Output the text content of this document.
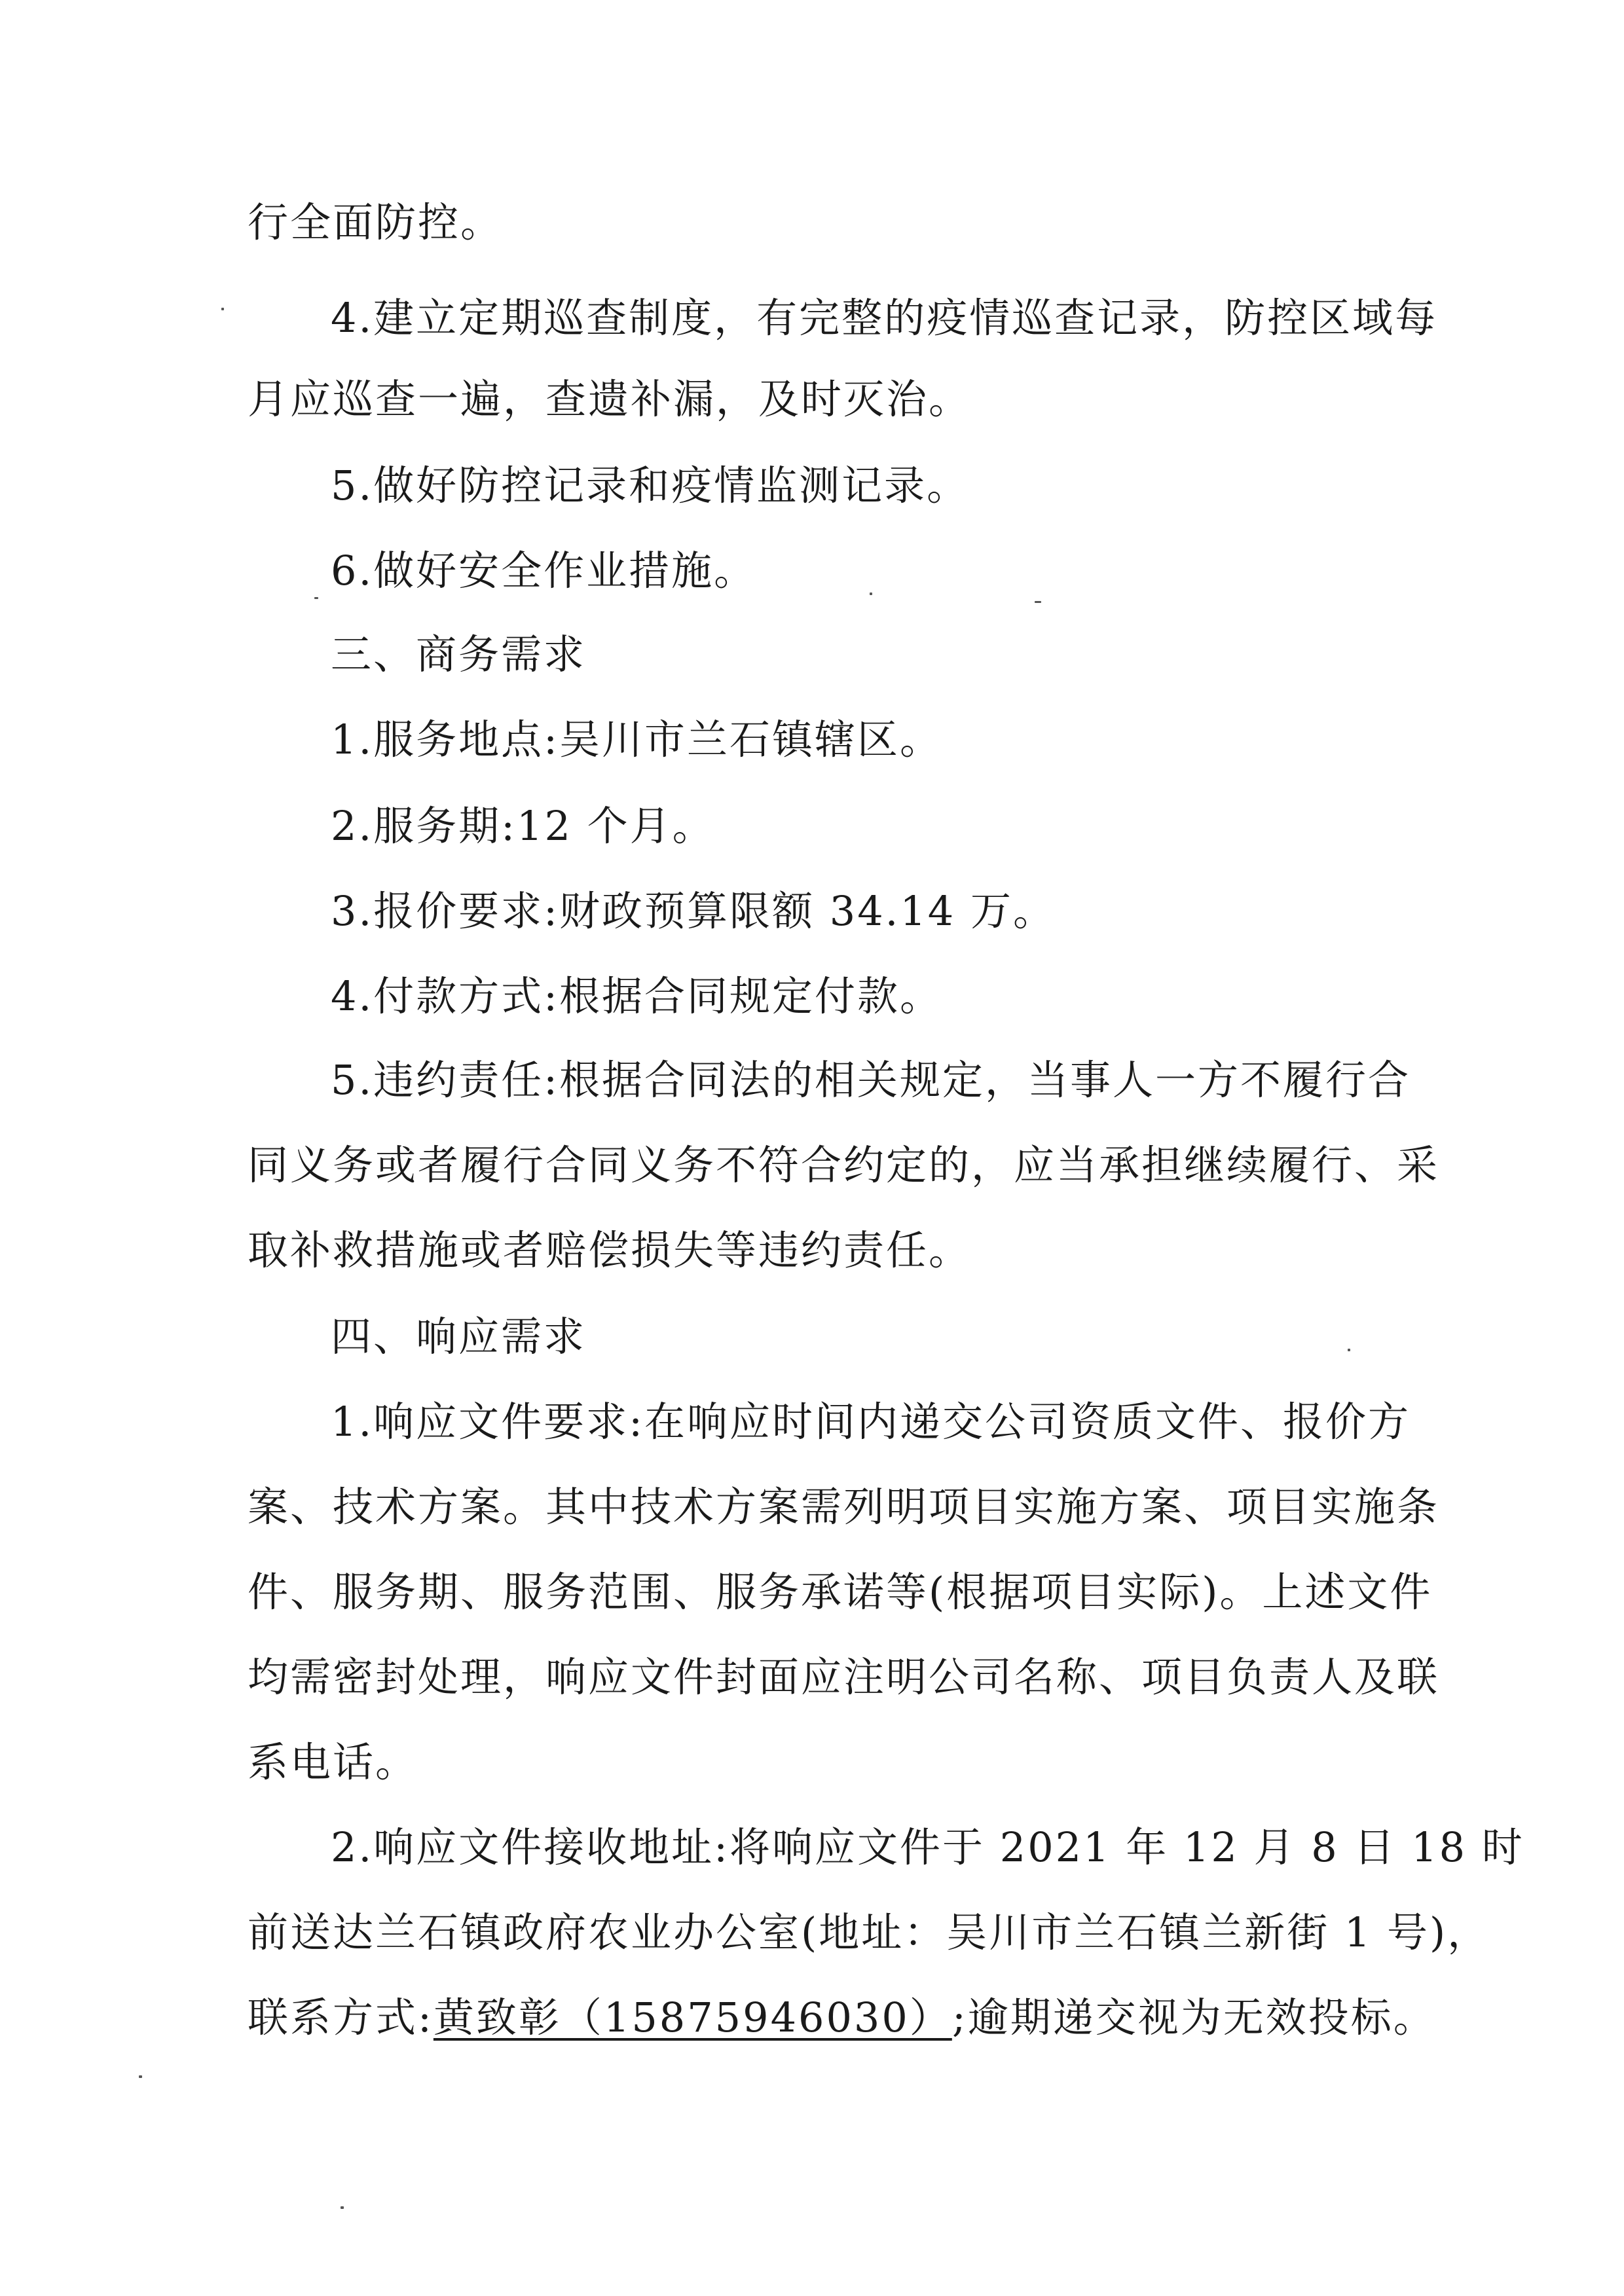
行全面防控。
4.建立定期巡查制度，有完整的疫情巡查记录，防控区域每
月应巡查一遍，查遗补漏，及时灭治。
5.做好防控记录和疫情监测记录。
6.做好安全作业措施。
三、商务需求
1.服务地点:吴川市兰石镇辖区。
2.服务期:12 个月。
3.报价要求:财政预算限额 34.14 万。
4.付款方式:根据合同规定付款。
5.违约责任:根据合同法的相关规定，当事人一方不履行合
同义务或者履行合同义务不符合约定的，应当承担继续履行、采
取补救措施或者赔偿损失等违约责任。
四、响应需求
1.响应文件要求:在响应时间内递交公司资质文件、报价方
案、技术方案。其中技术方案需列明项目实施方案、项目实施条
件、服务期、服务范围、服务承诺等(根据项目实际)。上述文件
均需密封处理，响应文件封面应注明公司名称、项目负责人及联
系电话。
2.响应文件接收地址:将响应文件于 2021 年 12 月 8 日 18 时
前送达兰石镇政府农业办公室(地址：吴川市兰石镇兰新街 1 号)，
联系方式:黄致彰（15875946030）;逾期递交视为无效投标。
